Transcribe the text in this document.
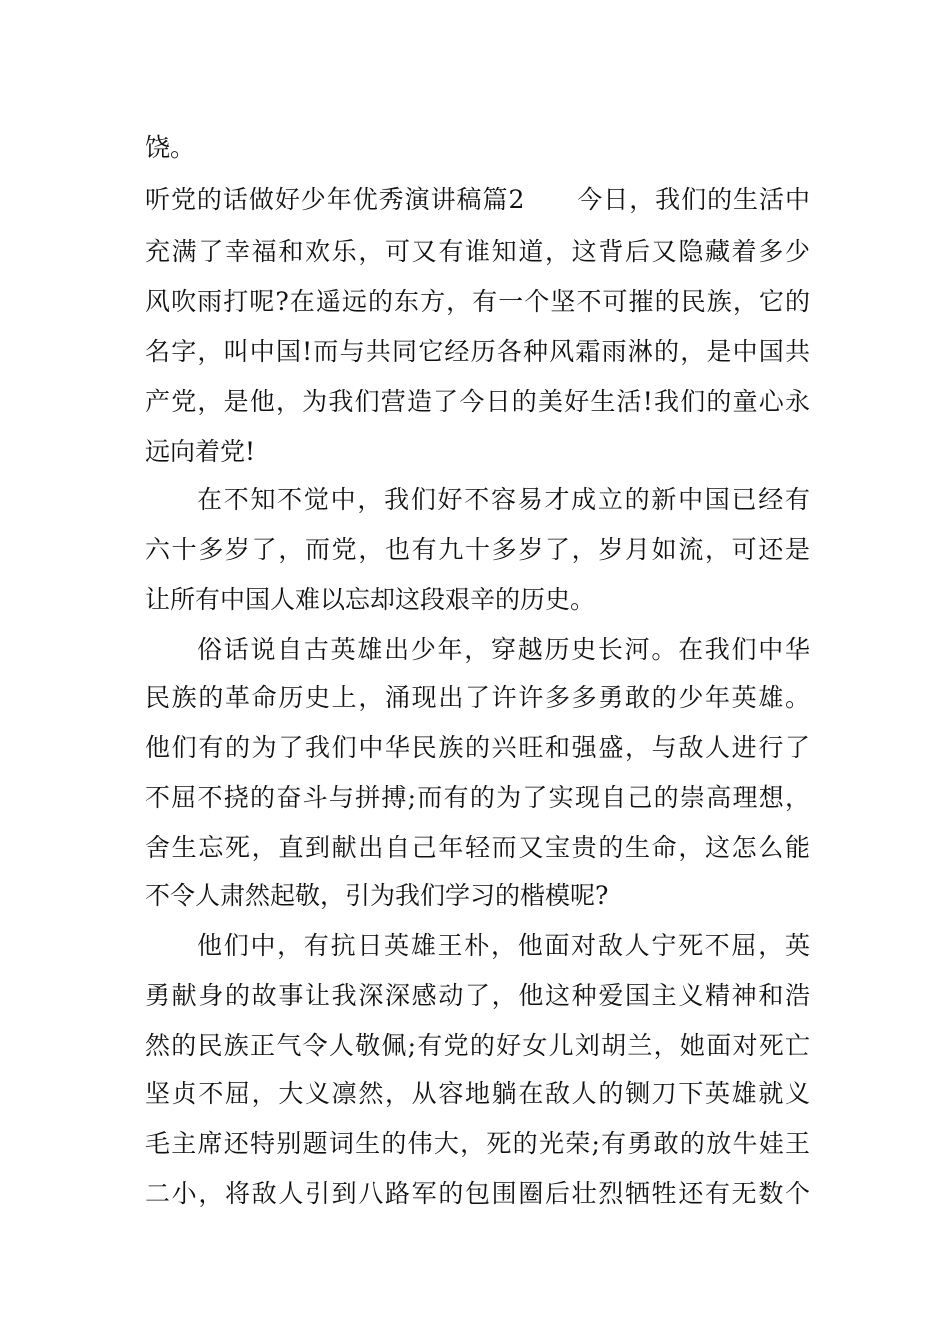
饶。
听党的话做好少年优秀演讲稿篇2　　今日，我们的生活中
充满了幸福和欢乐，可又有谁知道，这背后又隐藏着多少
风吹雨打呢?在遥远的东方，有一个坚不可摧的民族，它的
名字，叫中国!而与共同它经历各种风霜雨淋的，是中国共
产党，是他，为我们营造了今日的美好生活!我们的童心永
远向着党!
在不知不觉中，我们好不容易才成立的新中国已经有
六十多岁了，而党，也有九十多岁了，岁月如流，可还是
让所有中国人难以忘却这段艰辛的历史。
俗话说自古英雄出少年，穿越历史长河。在我们中华
民族的革命历史上，涌现出了许许多多勇敢的少年英雄。
他们有的为了我们中华民族的兴旺和强盛，与敌人进行了
不屈不挠的奋斗与拼搏;而有的为了实现自己的崇高理想，
舍生忘死，直到献出自己年轻而又宝贵的生命，这怎么能
不令人肃然起敬，引为我们学习的楷模呢?
他们中，有抗日英雄王朴，他面对敌人宁死不屈，英
勇献身的故事让我深深感动了，他这种爱国主义精神和浩
然的民族正气令人敬佩;有党的好女儿刘胡兰，她面对死亡
坚贞不屈，大义凛然，从容地躺在敌人的铡刀下英雄就义
毛主席还特别题词生的伟大，死的光荣;有勇敢的放牛娃王
二小，将敌人引到八路军的包围圈后壮烈牺牲还有无数个
